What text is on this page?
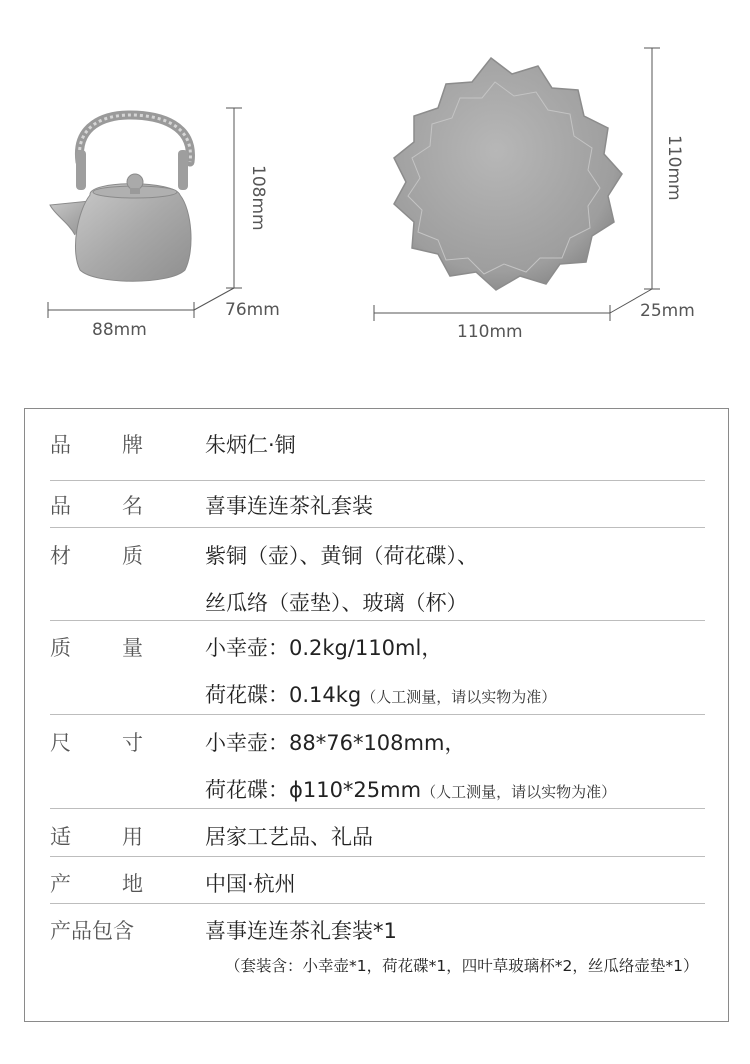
88mm
76mm
108mm
110mm
25mm
110mm
品 牌	朱炳仁·铜
品 名	喜事连连茶礼套装
材 质	紫铜（壶）、黄铜（荷花碟）、
丝瓜络（壶垫）、玻璃（杯）
质 量	小幸壶：0.2kg/110ml，
荷花碟：0.14kg（人工测量，请以实物为准）
尺 寸	小幸壶：88*76*108mm，
荷花碟：ϕ110*25mm（人工测量，请以实物为准）
适 用	居家工艺品、礼品
产 地	中国·杭州
产品包含	喜事连连茶礼套装*1
（套装含：小幸壶*1，荷花碟*1，四叶草玻璃杯*2，丝瓜络壶垫*1）
